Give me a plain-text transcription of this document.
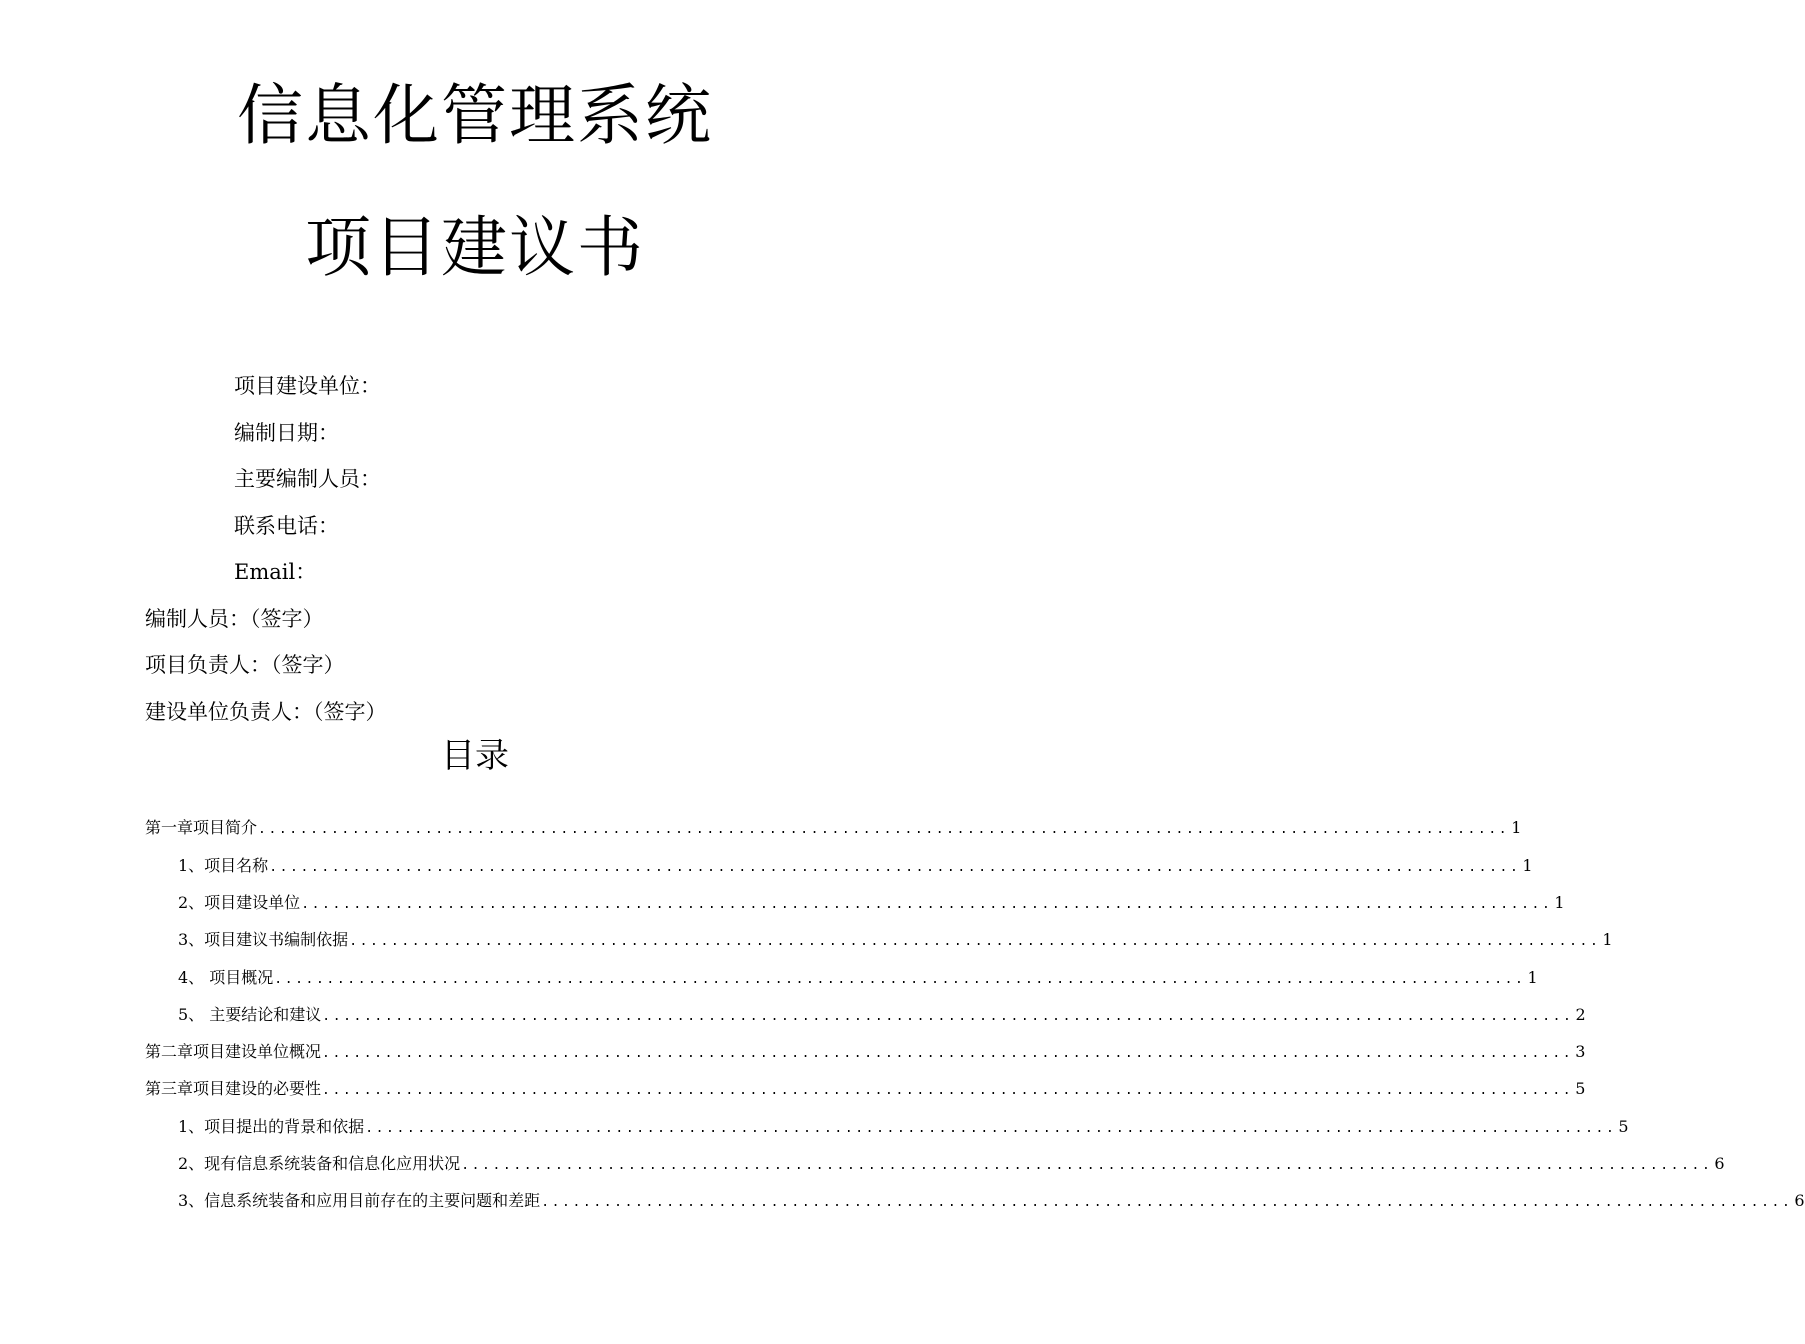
信息化管理系统
项目建议书

项目建设单位：

编制日期：

主要编制人员：

联系电话：

Email：

编制人员：（签字）

项目负责人：（签字）

建设单位负责人：（签字）

目录
第一章项目简介 ........................................................................................................................ 1
1、项目名称 ........................................................................................................................ 1
2、项目建设单位 ........................................................................................................................ 1
3、项目建议书编制依据 ........................................................................................................................ 1
4、 项目概况 ........................................................................................................................ 1
5、 主要结论和建议 ........................................................................................................................ 2
第二章项目建设单位概况 ........................................................................................................................ 3
第三章项目建设的必要性 ........................................................................................................................ 5
1、项目提出的背景和依据 ........................................................................................................................ 5
2、现有信息系统装备和信息化应用状况 ........................................................................................................................ 6
3、信息系统装备和应用目前存在的主要问题和差距 ........................................................................................................................ 6
